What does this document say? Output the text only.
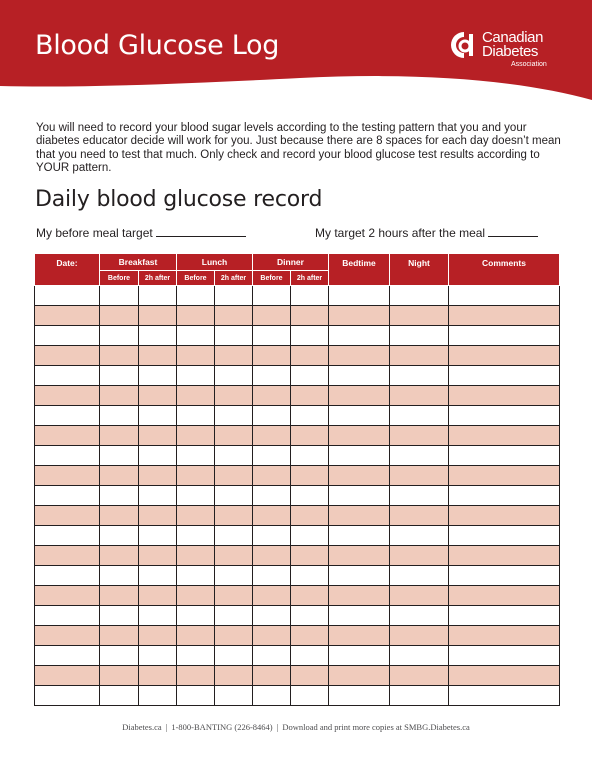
Blood Glucose Log	Canadian
Diabetes
Association
You will need to record your blood sugar levels according to the testing pattern that you and your diabetes educator decide will work for you. Just because there are 8 spaces for each day doesn’t mean that you need to test that much. Only check and record your blood glucose test results according to YOUR pattern.
Daily blood glucose record
My before meal target	My target 2 hours after the meal
Date:	Breakfast		Lunch		Dinner		Bedtime	Night	Comments
	Before	2h after	Before	2h after	Before	2h after			

Diabetes.ca | 1-800-BANTING (226-8464) | Download and print more copies at SMBG.Diabetes.ca
